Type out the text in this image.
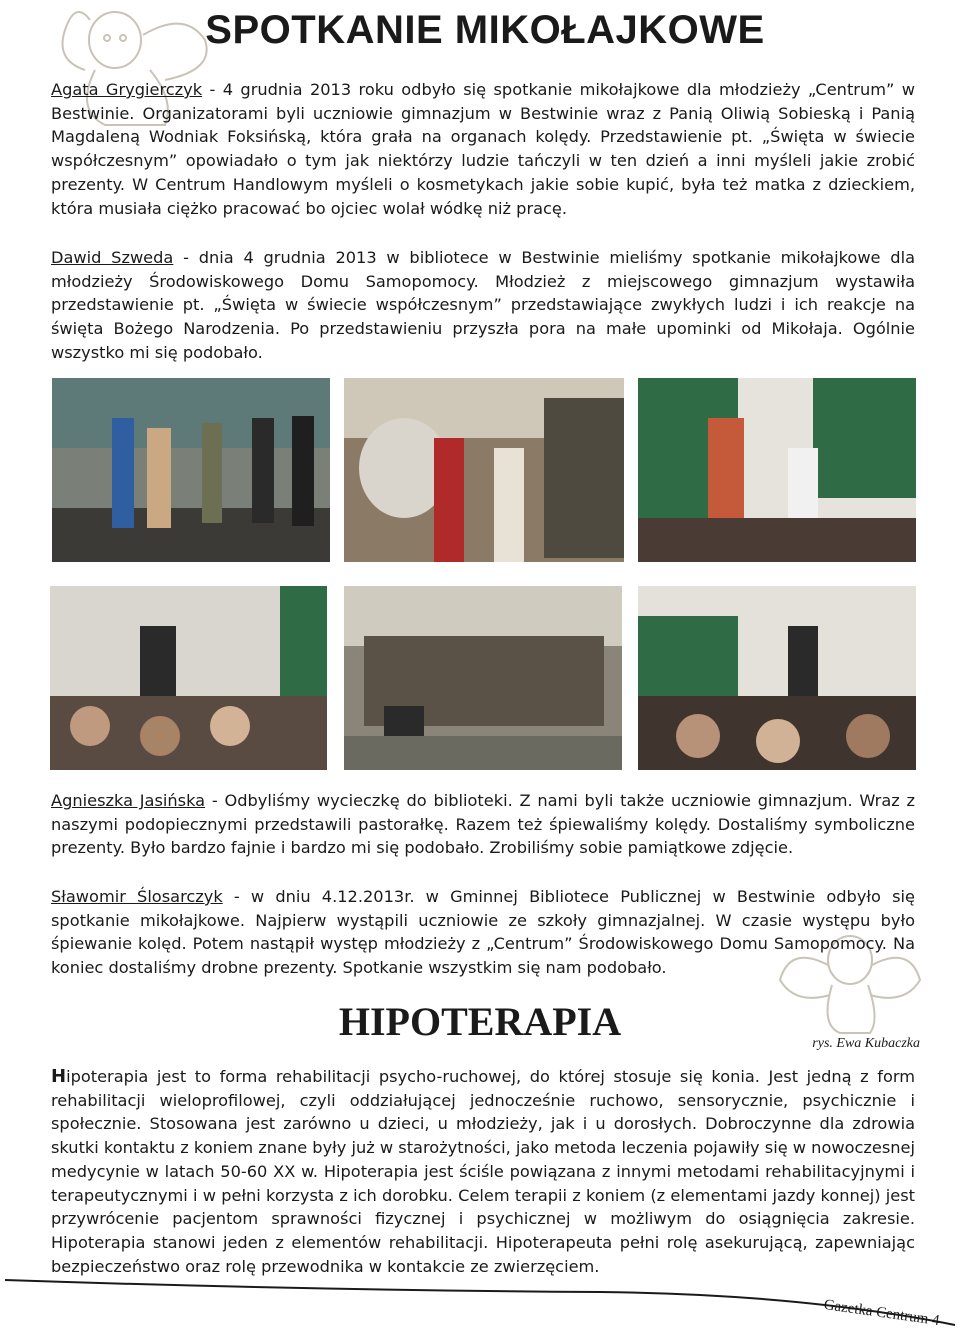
SPOTKANIE MIKOŁAJKOWE

Agata Grygierczyk - 4 grudnia 2013 roku odbyło się spotkanie mikołajkowe dla młodzieży „Centrum” w Bestwinie. Organizatorami byli uczniowie gimnazjum w Bestwinie wraz z Panią Oliwią Sobieską i Panią Magdaleną Wodniak Foksińską, która grała na organach kolędy. Przedstawienie pt. „Święta w świecie współczesnym” opowiadało o tym jak niektórzy ludzie tańczyli w ten dzień a inni myśleli jakie zrobić prezenty. W Centrum Handlowym myśleli o kosmetykach jakie sobie kupić, była też matka z dzieckiem, która musiała ciężko pracować bo ojciec wolał wódkę niż pracę.

Dawid Szweda - dnia 4 grudnia 2013 w bibliotece w Bestwinie mieliśmy spotkanie mikołajkowe dla młodzieży Środowiskowego Domu Samopomocy. Młodzież z miejscowego gimnazjum wystawiła przedstawienie pt. „Święta w świecie współczesnym” przedstawiające zwykłych ludzi i ich reakcje na święta Bożego Narodzenia. Po przedstawieniu przyszła pora na małe upominki od Mikołaja. Ogólnie wszystko mi się podobało.

Agnieszka Jasińska - Odbyliśmy wycieczkę do biblioteki. Z nami byli także uczniowie gimnazjum. Wraz z naszymi podopiecznymi przedstawili pastorałkę. Razem też śpiewaliśmy kolędy. Dostaliśmy symboliczne prezenty. Było bardzo fajnie i bardzo mi się podobało. Zrobiliśmy sobie pamiątkowe zdjęcie.

Sławomir Ślosarczyk - w dniu 4.12.2013r. w Gminnej Bibliotece Publicznej w Bestwinie odbyło się spotkanie mikołajkowe. Najpierw wystąpili uczniowie ze szkoły gimnazjalnej. W czasie występu było śpiewanie kolęd. Potem nastąpił występ młodzieży z „Centrum” Środowiskowego Domu Samopomocy. Na koniec dostaliśmy drobne prezenty. Spotkanie wszystkim się nam podobało.

HIPOTERAPIA	rys. Ewa Kubaczka

Hipoterapia jest to forma rehabilitacji psycho-ruchowej, do której stosuje się konia. Jest jedną z form rehabilitacji wieloprofilowej, czyli oddziałującej jednocześnie ruchowo, sensorycznie, psychicznie i społecznie. Stosowana jest zarówno u dzieci, u młodzieży, jak i u dorosłych. Dobroczynne dla zdrowia skutki kontaktu z koniem znane były już w starożytności, jako metoda leczenia pojawiły się w nowoczesnej medycynie w latach 50-60 XX w. Hipoterapia jest ściśle powiązana z innymi metodami rehabilitacyjnymi i terapeutycznymi i w pełni korzysta z ich dorobku. Celem terapii z koniem (z elementami jazdy konnej) jest przywrócenie pacjentom sprawności fizycznej i psychicznej w możliwym do osiągnięcia zakresie. Hipoterapia stanowi jeden z elementów rehabilitacji. Hipoterapeuta pełni rolę asekurującą, zapewniając bezpieczeństwo oraz rolę przewodnika w kontakcie ze zwierzęciem.

Gazetka Centrum 4
